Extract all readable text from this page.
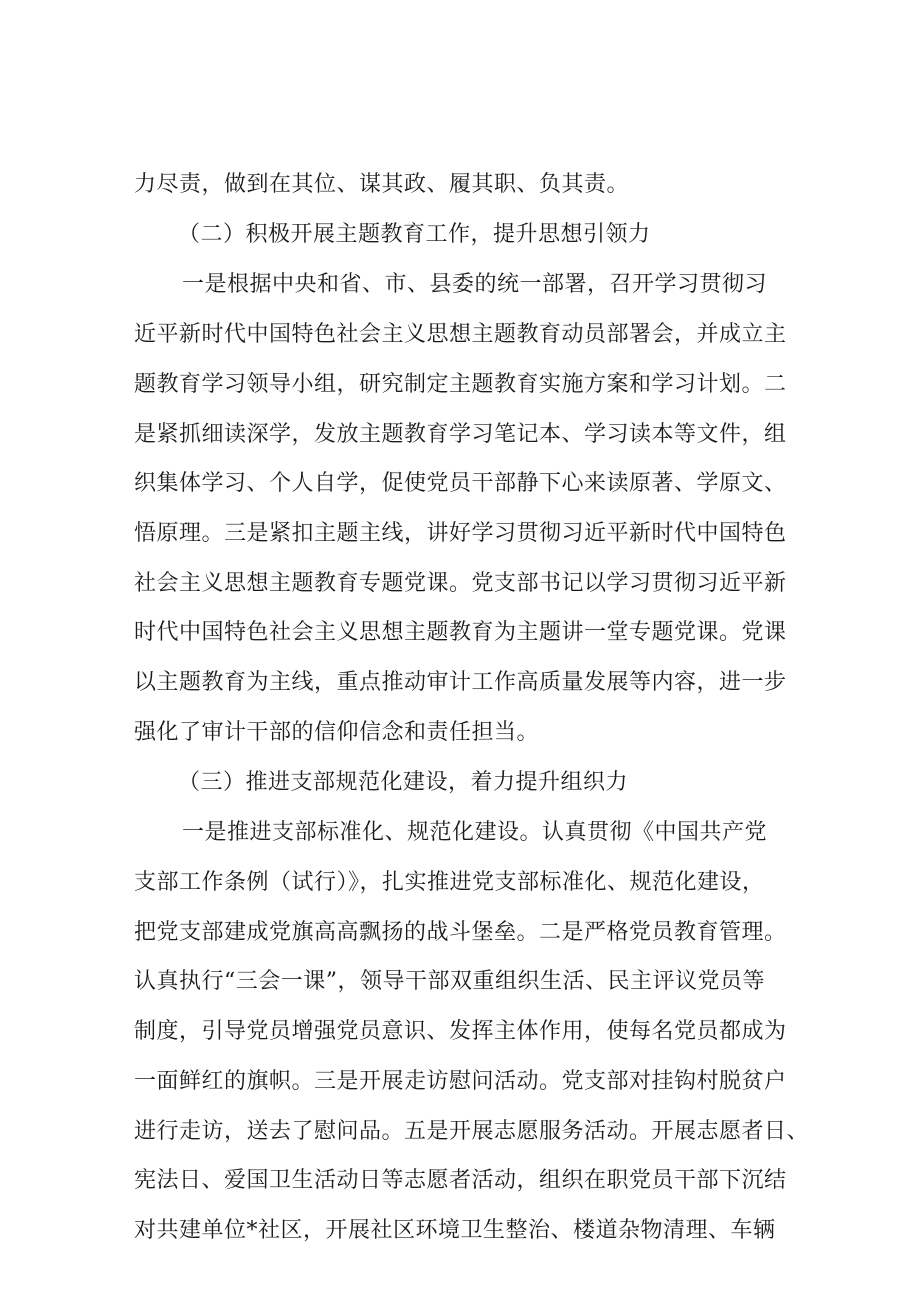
力尽责，做到在其位、谋其政、履其职、负其责。
（二）积极开展主题教育工作，提升思想引领力
一是根据中央和省、市、县委的统一部署，召开学习贯彻习
近平新时代中国特色社会主义思想主题教育动员部署会，并成立主
题教育学习领导小组，研究制定主题教育实施方案和学习计划。二
是紧抓细读深学，发放主题教育学习笔记本、学习读本等文件，组
织集体学习、个人自学，促使党员干部静下心来读原著、学原文、
悟原理。三是紧扣主题主线，讲好学习贯彻习近平新时代中国特色
社会主义思想主题教育专题党课。党支部书记以学习贯彻习近平新
时代中国特色社会主义思想主题教育为主题讲一堂专题党课。党课
以主题教育为主线，重点推动审计工作高质量发展等内容，进一步
强化了审计干部的信仰信念和责任担当。
（三）推进支部规范化建设，着力提升组织力
一是推进支部标准化、规范化建设。认真贯彻《中国共产党
支部工作条例（试行）》，扎实推进党支部标准化、规范化建设，
把党支部建成党旗高高飘扬的战斗堡垒。二是严格党员教育管理。
认真执行“三会一课”，领导干部双重组织生活、民主评议党员等
制度，引导党员增强党员意识、发挥主体作用，使每名党员都成为
一面鲜红的旗帜。三是开展走访慰问活动。党支部对挂钩村脱贫户
进行走访，送去了慰问品。五是开展志愿服务活动。开展志愿者日、
宪法日、爱国卫生活动日等志愿者活动，组织在职党员干部下沉结
对共建单位*社区，开展社区环境卫生整治、楼道杂物清理、车辆
